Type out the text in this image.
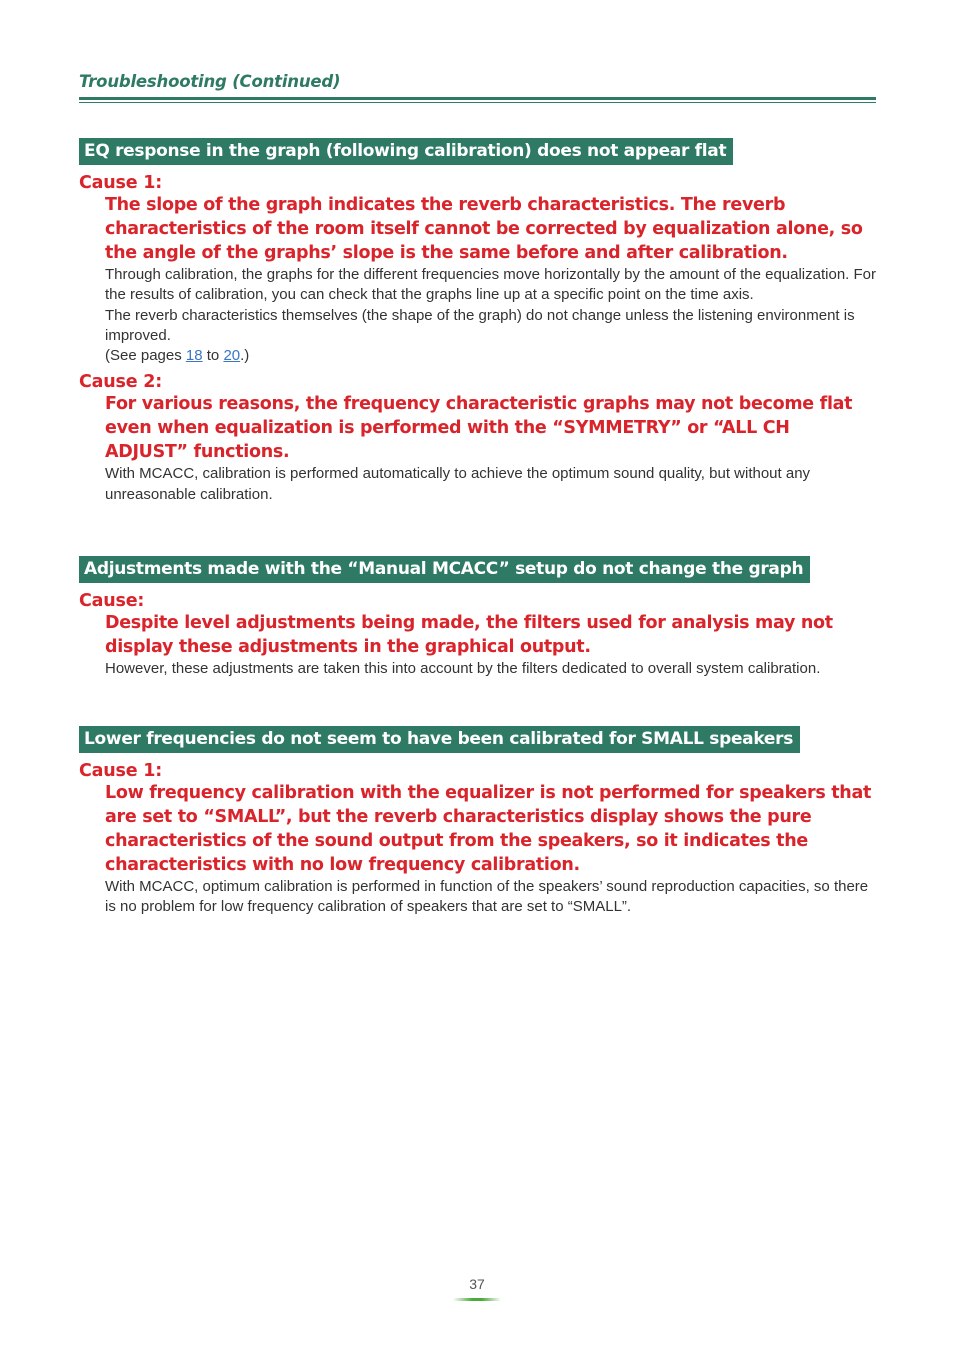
Troubleshooting (Continued)
EQ response in the graph (following calibration) does not appear flat
Cause 1:
The slope of the graph indicates the reverb characteristics. The reverb characteristics of the room itself cannot be corrected by equalization alone, so the angle of the graphs’ slope is the same before and after calibration.
Through calibration, the graphs for the different frequencies move horizontally by the amount of the equalization. For the results of calibration, you can check that the graphs line up at a specific point on the time axis.
The reverb characteristics themselves (the shape of the graph) do not change unless the listening environment is improved.
(See pages 18 to 20.)
Cause 2:
For various reasons, the frequency characteristic graphs may not become flat even when equalization is performed with the “SYMMETRY” or “ALL CH ADJUST” functions.
With MCACC, calibration is performed automatically to achieve the optimum sound quality, but without any unreasonable calibration.
Adjustments made with the “Manual MCACC” setup do not change the graph
Cause:
Despite level adjustments being made, the filters used for analysis may not display these adjustments in the graphical output.
However, these adjustments are taken this into account by the filters dedicated to overall system calibration.
Lower frequencies do not seem to have been calibrated for SMALL speakers
Cause 1:
Low frequency calibration with the equalizer is not performed for speakers that are set to “SMALL”, but the reverb characteristics display shows the pure characteristics of the sound output from the speakers, so it indicates the characteristics with no low frequency calibration.
With MCACC, optimum calibration is performed in function of the speakers’ sound reproduction capacities, so there is no problem for low frequency calibration of speakers that are set to “SMALL”.
37
